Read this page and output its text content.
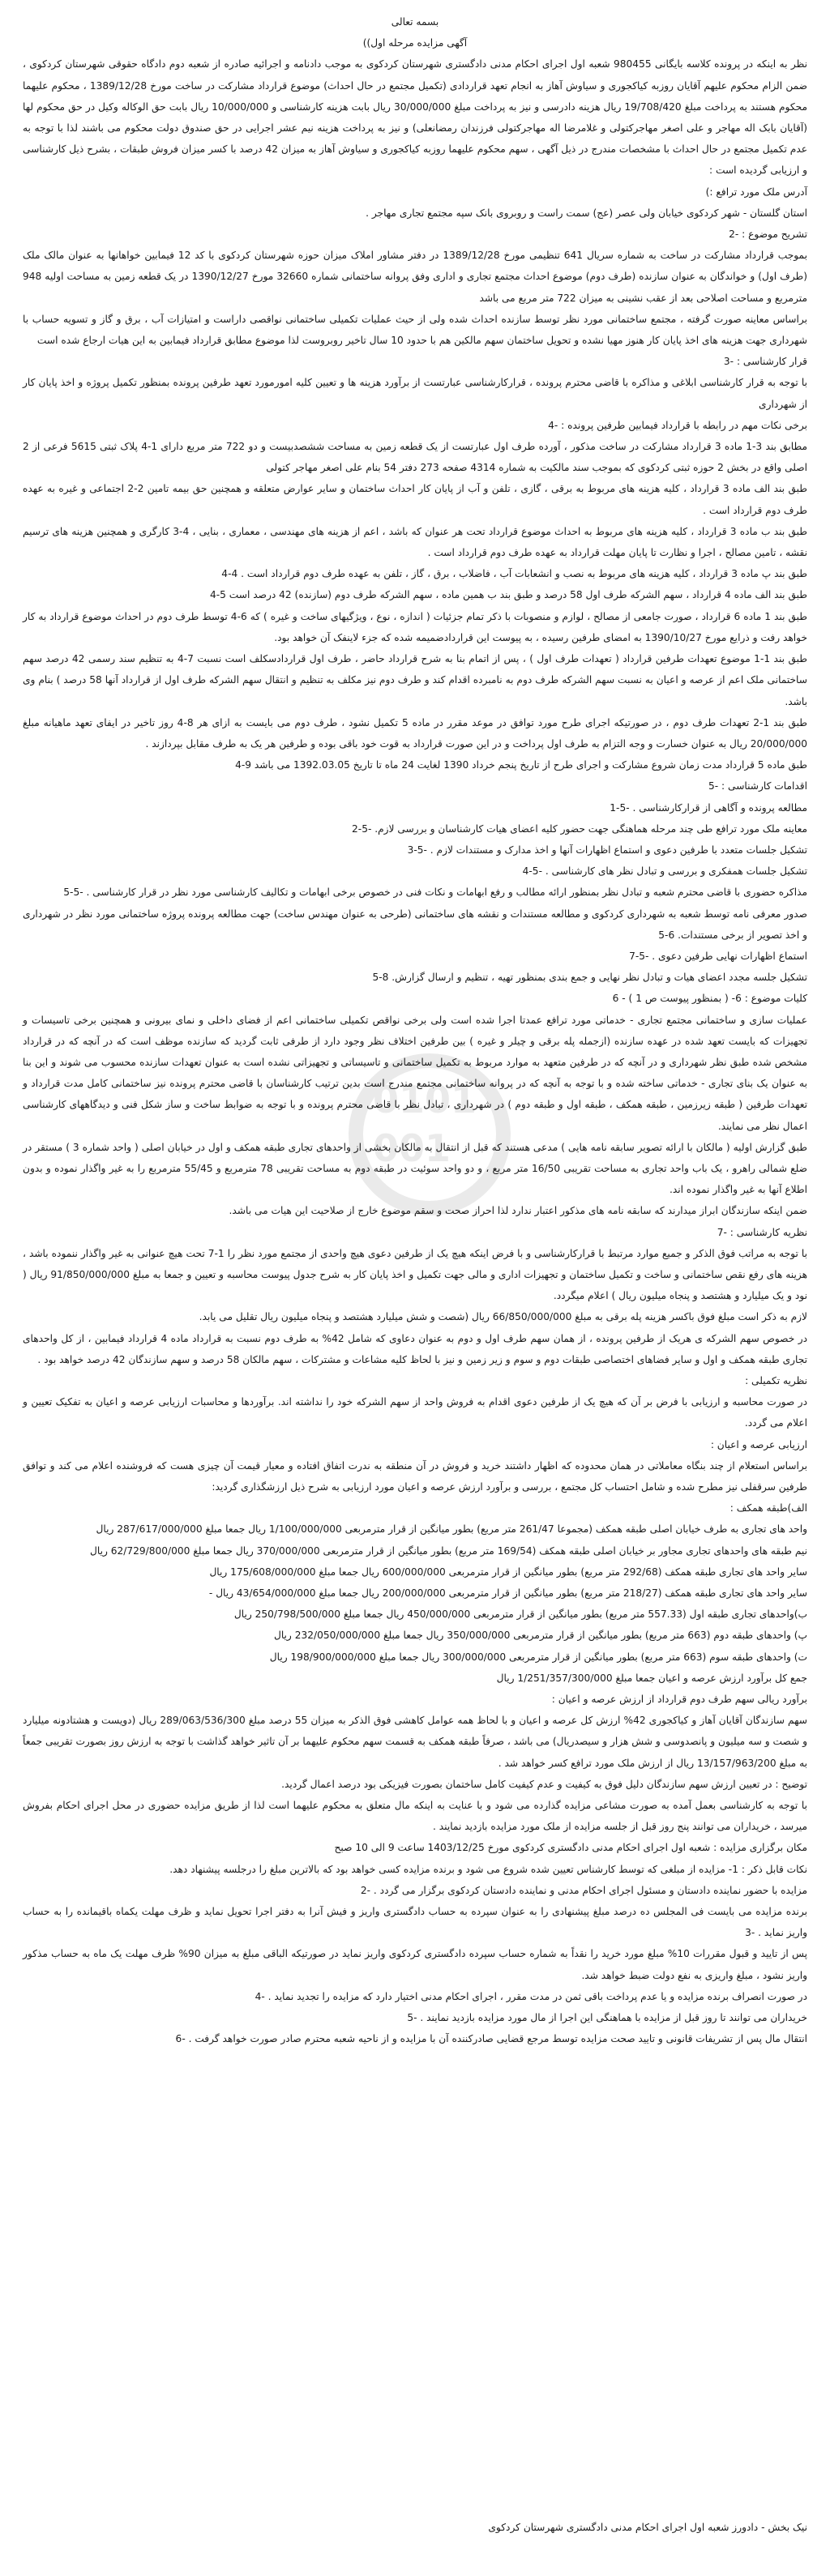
بسمه تعالی

آگهی مزایده مرحله اول))

نظر به اینکه در پرونده کلاسه بایگانی 980455 شعبه اول اجرای احکام مدنی دادگستری شهرستان کردکوی به موجب دادنامه و اجرائیه صادره از شعبه دوم دادگاه حقوقی شهرستان کردکوی ، ضمن الزام محکوم علیهم آقایان روزبه کیاکجوری و سیاوش آهاز به انجام تعهد قراردادی (تکمیل مجتمع در حال احداث) موضوع قرارداد مشارکت در ساخت مورخ 1389/12/28 ، محکوم علیهما محکوم هستند به پرداخت مبلغ 19/708/420 ریال هزینه دادرسی و نیز به پرداخت مبلغ 30/000/000 ریال بابت هزینه کارشناسی و 10/000/000 ریال بابت حق الوکاله وکیل در حق محکوم لها (آقایان بابک اله مهاجر و علی اصغر مهاجرکتولی و غلامرضا اله مهاجرکتولی فرزندان رمضانعلی) و نیز به پرداخت هزینه نیم عشر اجرایی در حق صندوق دولت محکوم می باشند لذا با توجه به عدم تکمیل مجتمع در حال احداث با مشخصات مندرج در ذیل آگهی ، سهم محکوم علیهما روزبه کیاکجوری و سیاوش آهاز به میزان 42 درصد با کسر میزان فروش طبقات ، بشرح ذیل کارشناسی و ارزیابی گردیده است :

آدرس ملک مورد ترافع :)

استان گلستان - شهر کردکوی خیابان ولی عصر (عج) سمت راست و روبروی بانک سپه مجتمع تجاری مهاجر .

تشریح موضوع : -2

بموجب قرارداد مشارکت در ساخت به شماره سریال 641 تنظیمی مورخ 1389/12/28 در دفتر مشاور املاک میزان حوزه شهرستان کردکوی با کد 12 فیمابین خواهانها به عنوان مالک ملک (طرف اول) و خواندگان به عنوان سازنده (طرف دوم) موضوع احداث مجتمع تجاری و اداری وفق پروانه ساختمانی شماره 32660 مورخ 1390/12/27 در یک قطعه زمین به مساحت اولیه 948 مترمربع و مساحت اصلاحی بعد از عقب نشینی به میزان 722 متر مربع می باشد

براساس معاینه صورت گرفته ، مجتمع ساختمانی مورد نظر توسط سازنده احداث شده ولی از حیث عملیات تکمیلی ساختمانی نواقصی داراست و امتیازات آب ، برق و گاز و تسویه حساب با شهرداری جهت هزینه های اخذ پایان کار هنوز مهیا نشده و تحویل ساختمان سهم مالکین هم با حدود 10 سال تاخیر روبروست لذا موضوع مطابق قرارداد فیمابین به این هیات ارجاع شده است

قرار کارشناسی : -3

با توجه به قرار کارشناسی ابلاغی و مذاکره با قاضی محترم پرونده ، قرارکارشناسی عبارتست از برآورد هزینه ها و تعیین کلیه امورمورد تعهد طرفین پرونده بمنظور تکمیل پروژه و اخذ پایان کار از شهرداری

برخی نکات مهم در رابطه با قرارداد فیمابین طرفین پرونده : -4

مطابق بند 3-1 ماده 3 قرارداد مشارکت در ساخت مذکور ، آورده طرف اول عبارتست از یک قطعه زمین به مساحت ششصدبیست و دو 722 متر مربع دارای 1-4 پلاک ثبتی 5615 فرعی از 2 اصلی واقع در بخش 2 حوزه ثبتی کردکوی که بموجب سند مالکیت به شماره 4314 صفحه 273 دفتر 54 بنام علی اصغر مهاجر کتولی

طبق بند الف ماده 3 قرارداد ، کلیه هزینه های مربوط به برقی ، گازی ، تلفن و آب از پایان کار احداث ساختمان و سایر عوارض متعلقه و همچنین حق بیمه تامین 2-2 اجتماعی و غیره به عهده طرف دوم قرارداد است .

طبق بند ب ماده 3 قرارداد ، کلیه هزینه های مربوط به احداث موضوع قرارداد تحت هر عنوان که باشد ، اعم از هزینه های مهندسی ، معماری ، بنایی ، 4-3 کارگری و همچنین هزینه های ترسیم نقشه ، تامین مصالح ، اجرا و نظارت تا پایان مهلت قرارداد به عهده طرف دوم قرارداد است .

طبق بند پ ماده 3 قرارداد ، کلیه هزینه های مربوط به نصب و انشعابات آب ، فاضلاب ، برق ، گاز ، تلفن به عهده طرف دوم قرارداد است . 4-4

طبق بند الف ماده 4 قرارداد ، سهم الشرکه طرف اول 58 درصد و طبق بند ب همین ماده ، سهم الشرکه طرف دوم (سازنده) 42 درصد است 5-4

طبق بند 1 ماده 6 قرارداد ، صورت جامعی از مصالح ، لوازم و منصوبات با ذکر تمام جزئیات ( اندازه ، نوع ، ویژگیهای ساخت و غیره ) که 6-4 توسط طرف دوم در احداث موضوع قرارداد به کار خواهد رفت و ذرایع مورخ 1390/10/27 به امضای طرفین رسیده ، به پیوست این قراردادضمیمه شده که جزء لاینفک آن خواهد بود.

طبق بند 1-1 موضوع تعهدات طرفین قرارداد ( تعهدات طرف اول ) ، پس از اتمام بنا به شرح قرارداد حاضر ، طرف اول قراردادسکلف است نسبت 7-4 به تنظیم سند رسمی 42 درصد سهم ساختمانی ملک اعم از عرصه و اعیان به نسبت سهم الشرکه طرف دوم به نامبرده اقدام کند و طرف دوم نیز مکلف به تنظیم و انتقال سهم الشرکه طرف اول از قرارداد آنها 58 درصد ) بنام وی باشد.

طبق بند 1-2 تعهدات طرف دوم ، در صورتیکه اجرای طرح مورد توافق در موعد مقرر در ماده 5 تکمیل نشود ، طرف دوم می بایست به ازای هر 8-4 روز تاخیر در ایفای تعهد ماهیانه مبلغ 20/000/000 ریال به عنوان خسارت و وجه التزام به طرف اول پرداخت و در این صورت قرارداد به قوت خود باقی بوده و طرفین هر یک به طرف مقابل بپردازند .

طبق ماده 5 قرارداد مدت زمان شروع مشارکت و اجرای طرح از تاریخ پنجم خرداد 1390 لغایت 24 ماه تا تاریخ 1392.03.05 می باشد 9-4

اقدامات کارشناسی : -5

مطالعه پرونده و آگاهی از قرارکارشناسی . -5-1

معاینه ملک مورد ترافع طی چند مرحله هماهنگی جهت حضور کلیه اعضای هیات کارشناسان و بررسی لازم. -5-2

تشکیل جلسات متعدد با طرفین دعوی و استماع اظهارات آنها و اخذ مدارک و مستندات لازم . -5-3

تشکیل جلسات همفکری و بررسی و تبادل نظر های کارشناسی . -5-4

مذاکره حضوری با قاضی محترم شعبه و تبادل نظر بمنظور ارائه مطالب و رفع ابهامات و نکات فنی در خصوص برخی ابهامات و تکالیف کارشناسی مورد نظر در قرار کارشناسی . -5-5

صدور معرفی نامه توسط شعبه به شهرداری کردکوی و مطالعه مستندات و نقشه های ساختمانی (طرحی به عنوان مهندس ساخت) جهت مطالعه پرونده پروژه ساختمانی مورد نظر در شهرداری و اخذ تصویر از برخی مستندات. 6-5

استماع اظهارات نهایی طرفین دعوی . -5-7

تشکیل جلسه مجدد اعضای هیات و تبادل نظر نهایی و جمع بندی بمنظور تهیه ، تنظیم و ارسال گزارش. 8-5

کلیات موضوع : 6- ( بمنظور پیوست ص 1 ) - 6

عملیات سازی و ساختمانی مجتمع تجاری - خدماتی مورد ترافع عمدتا اجرا شده است ولی برخی نواقص تکمیلی ساختمانی اعم از فضای داخلی و نمای بیرونی و همچنین برخی تاسیسات و تجهیزات که بایست تعهد شده در عهده سازنده (ازجمله پله برقی و چیلر و غیره ) بین طرفین اختلاف نظر وجود دارد از طرفی ثابت گردید که سازنده موظف است که در آنچه که در قرارداد مشخص شده طبق نظر شهرداری و در آنچه که در طرفین متعهد به موارد مربوط به تکمیل ساختمانی و تاسیساتی و تجهیزاتی نشده است به عنوان تعهدات سازنده محسوب می شوند و این بنا به عنوان یک بنای تجاری - خدماتی ساخته شده و با توجه به آنچه که در پروانه ساختمانی مجتمع مندرج است بدین ترتیب کارشناسان با قاضی محترم پرونده نیز ساختمانی کامل مدت قرارداد و تعهدات طرفین ( طبقه زیرزمین ، طبقه همکف ، طبقه اول و طبقه دوم ) در شهرداری ، تبادل نظر با قاضی محترم پرونده و با توجه به ضوابط ساخت و ساز شکل فنی و دیدگاههای کارشناسی اعمال نظر می نمایند.

طبق گزارش اولیه ( مالکان با ارائه تصویر سابقه نامه هایی ) مدعی هستند که قبل از انتقال به مالکان بخشی از واحدهای تجاری طبقه همکف و اول در خیابان اصلی ( واحد شماره 3 ) مستقر در ضلع شمالی راهرو ، یک باب واحد تجاری به مساحت تقریبی 16/50 متر مربع ، و دو واحد سوئیت در طبقه دوم به مساحت تقریبی 78 مترمربع و 55/45 مترمربع را به غیر واگذار نموده و بدون اطلاع آنها به غیر واگذار نموده اند.

ضمن اینکه سازندگان ابراز میدارند که سابقه نامه های مذکور اعتبار ندارد لذا احراز صحت و سقم موضوع خارج از صلاحیت این هیات می باشد.

نظریه کارشناسی : -7

با توجه به مراتب فوق الذکر و جمیع موارد مرتبط با قرارکارشناسی و با فرض اینکه هیچ یک از طرفین دعوی هیچ واحدی از مجتمع مورد نظر را 1-7 تحت هیچ عنوانی به غیر واگذار ننموده باشد ، هزینه های رفع نقص ساختمانی و ساخت و تکمیل ساختمان و تجهیزات اداری و مالی جهت تکمیل و اخذ پایان کار به شرح جدول پیوست محاسبه و تعیین و جمعا به مبلغ 91/850/000/000 ریال ( نود و یک میلیارد و هشتصد و پنجاه میلیون ریال ) اعلام میگردد.

لازم به ذکر است مبلغ فوق باکسر هزینه پله برقی به مبلغ 66/850/000/000 ریال (شصت و شش میلیارد هشتصد و پنجاه میلیون ریال تقلیل می یابد.

در خصوص سهم الشرکه ی هریک از طرفین پرونده ، از همان سهم طرف اول و دوم به عنوان دعاوی که شامل 42% به طرف دوم نسبت به قرارداد ماده 4 قرارداد فیمابین ، از کل واحدهای تجاری طبقه همکف و اول و سایر فضاهای اختصاصی طبقات دوم و سوم و زیر زمین و نیز با لحاظ کلیه مشاعات و مشترکات ، سهم مالکان 58 درصد و سهم سازندگان 42 درصد خواهد بود .

نظریه تکمیلی :

در صورت محاسبه و ارزیابی با فرض بر آن که هیچ یک از طرفین دعوی اقدام به فروش واحد از سهم الشرکه خود را نداشته اند. برآوردها و محاسبات ارزیابی عرصه و اعیان به تفکیک تعیین و اعلام می گردد.

ارزیابی عرصه و اعیان :

براساس استعلام از چند بنگاه معاملاتی در همان محدوده که اظهار داشتند خرید و فروش در آن منطقه به ندرت اتفاق افتاده و معیار قیمت آن چیزی هست که فروشنده اعلام می کند و توافق طرفین سرقفلی نیز مطرح شده و شامل احتساب کل مجتمع ، بررسی و برآورد ارزش عرصه و اعیان مورد ارزیابی به شرح ذیل ارزشگذاری گردید:

الف)طبقه همکف :

واحد های تجاری به طرف خیابان اصلی طبقه همکف (مجموعا 261/47 متر مربع) بطور میانگین از قرار مترمربعی 1/100/000/000 ریال جمعا مبلغ 287/617/000/000 ریال

نیم طبقه های واحدهای تجاری مجاور بر خیابان اصلی طبقه همکف (169/54 متر مربع) بطور میانگین از قرار مترمربعی 370/000/000 ریال جمعا مبلغ 62/729/800/000 ریال

سایر واحد های تجاری طبقه همکف (292/68 متر مربع) بطور میانگین از قرار مترمربعی 600/000/000 ریال جمعا مبلغ 175/608/000/000 ریال

سایر واحد های تجاری طبقه همکف (218/27 متر مربع) بطور میانگین از قرار مترمربعی 200/000/000 ریال جمعا مبلغ 43/654/000/000 ریال -

ب)واحدهای تجاری طبقه اول (557.33 متر مربع) بطور میانگین از قرار مترمربعی 450/000/000 ریال جمعا مبلغ 250/798/500/000 ریال

پ) واحدهای طبقه دوم (663 متر مربع) بطور میانگین از قرار مترمربعی 350/000/000 ریال جمعا مبلغ 232/050/000/000 ریال

ت) واحدهای طبقه سوم (663 متر مربع) بطور میانگین از قرار مترمربعی 300/000/000 ریال جمعا مبلغ 198/900/000/000 ریال

جمع کل برآورد ارزش عرصه و اعیان جمعا مبلغ 1/251/357/300/000 ریال

برآورد ریالی سهم طرف دوم قرارداد از ارزش عرصه و اعیان :

سهم سازندگان آقایان آهاز و کیاکجوری 42% ارزش کل عرصه و اعیان و با لحاظ همه عوامل کاهشی فوق الذکر به میزان 55 درصد مبلغ 289/063/536/300 ریال (دویست و هشتادونه میلیارد و شصت و سه میلیون و پانصدوسی و شش هزار و سیصدریال) می باشد ، صرفاً طبقه همکف به قسمت سهم محکوم علیهما بر آن تاثیر خواهد گذاشت با توجه به ارزش روز بصورت تقریبی جمعاً به مبلغ 13/157/963/200 ریال از ارزش ملک مورد ترافع کسر خواهد شد .

توضیح : در تعیین ارزش سهم سازندگان دلیل فوق به کیفیت و عدم کیفیت کامل ساختمان بصورت فیزیکی بود درصد اعمال گردید.

با توجه به کارشناسی بعمل آمده به صورت مشاعی مزایده گذارده می شود و با عنایت به اینکه مال متعلق به محکوم علیهما است لذا از طریق مزایده حضوری در محل اجرای احکام بفروش میرسد ، خریداران می توانند پنج روز قبل از جلسه مزایده از ملک مورد مزایده بازدید نمایند .

مکان برگزاری مزایده : شعبه اول اجرای احکام مدنی دادگستری کردکوی مورخ 1403/12/25 ساعت 9 الی 10 صبح

نکات قابل ذکر : 1- مزایده از مبلغی که توسط کارشناس تعیین شده شروع می شود و برنده مزایده کسی خواهد بود که بالاترین مبلغ را درجلسه پیشنهاد دهد.

مزایده با حضور نماینده دادستان و مسئول اجرای احکام مدنی و نماینده دادستان کردکوی برگزار می گردد . -2

برنده مزایده می بایست فی المجلس ده درصد مبلغ پیشنهادی را به عنوان سپرده به حساب دادگستری واریز و فیش آنرا به دفتر اجرا تحویل نماید و ظرف مهلت یکماه باقیمانده را به حساب واریز نماید . -3

پس از تایید و قبول مقررات 10% مبلغ مورد خرید را نقداً به شماره حساب سپرده دادگستری کردکوی واریز نماید در صورتیکه الباقی مبلغ به میزان 90% ظرف مهلت یک ماه به حساب مذکور واریز نشود ، مبلغ واریزی به نفع دولت ضبط خواهد شد.

در صورت انصراف برنده مزایده و یا عدم پرداخت باقی ثمن در مدت مقرر ، اجرای احکام مدنی اختیار دارد که مزایده را تجدید نماید . -4

خریداران می توانند تا روز قبل از مزایده با هماهنگی این اجرا از مال مورد مزایده بازدید نمایند . -5

انتقال مال پس از تشریفات قانونی و تایید صحت مزایده توسط مرجع قضایی صادرکننده آن با مزایده و از ناحیه شعبه محترم صادر صورت خواهد گرفت . -6

0101
001
نیک بخش - دادورز شعبه اول اجرای احکام مدنی دادگستری شهرستان کردکوی
